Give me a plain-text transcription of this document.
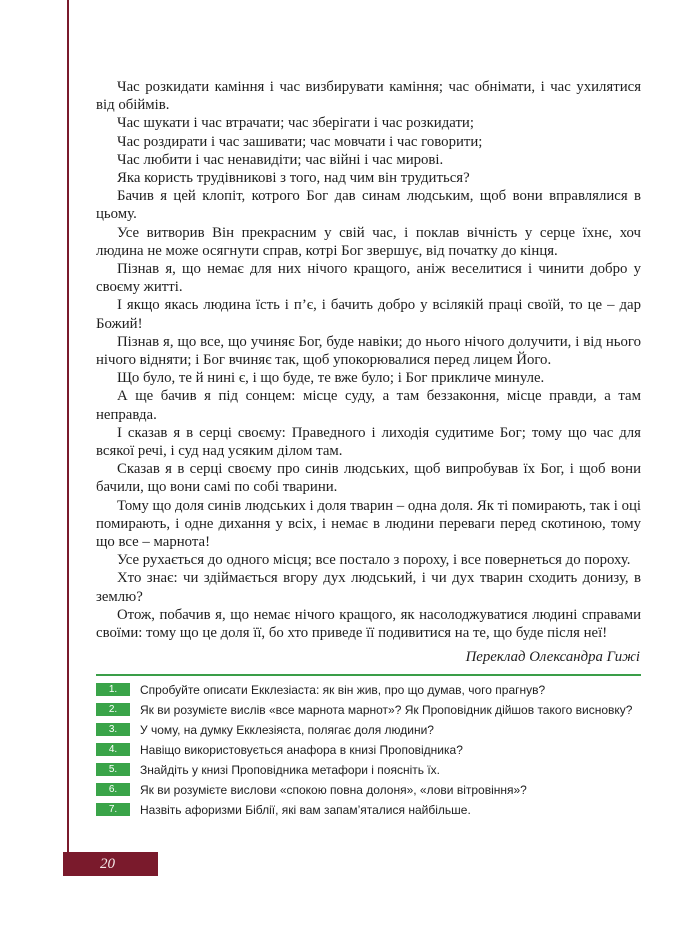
Час розкидати каміння і час визбирувати каміння; час обнімати, і час ухилятися від обіймів.

Час шукати і час втрачати; час зберігати і час розкидати;

Час роздирати і час зашивати; час мовчати і час говорити;

Час любити і час ненавидіти; час війні і час мирові.

Яка користь трудівникові з того, над чим він трудиться?

Бачив я цей клопіт, котрого Бог дав синам людським, щоб вони вправлялися в цьому.

Усе витворив Він прекрасним у свій час, і поклав вічність у серце їхнє, хоч людина не може осягнути справ, котрі Бог звершує, від початку до кінця.

Пізнав я, що немає для них нічого кращого, аніж веселитися і чинити добро у своєму житті.

І якщо якась людина їсть і п’є, і бачить добро у всілякій праці своїй, то це – дар Божий!

Пізнав я, що все, що учиняє Бог, буде навіки; до нього нічого долучити, і від нього нічого відняти; і Бог вчиняє так, щоб упокорювалися перед лицем Його.

Що було, те й нині є, і що буде, те вже було; і Бог прикличе минуле.

А ще бачив я під сонцем: місце суду, а там беззаконня, місце правди, а там неправда.

І сказав я в серці своєму: Праведного і лиходія судитиме Бог; тому що час для всякої речі, і суд над усяким ділом там.

Сказав я в серці своєму про синів людських, щоб випробував їх Бог, і щоб вони бачили, що вони самі по собі тварини.

Тому що доля синів людських і доля тварин – одна доля. Як ті помирають, так і оці помирають, і одне дихання у всіх, і немає в людини переваги перед скотиною, тому що все – марнота!

Усе рухається до одного місця; все постало з пороху, і все повернеться до пороху.

Хто знає: чи здіймається вгору дух людський, і чи дух тварин сходить донизу, в землю?

Отож, побачив я, що немає нічого кращого, як насолоджуватися людині справами своїми: тому що це доля її, бо хто приведе її подивитися на те, що буде після неї!

Переклад Олександра Гижі
1.	Спробуйте описати Екклезіаста: як він жив, про що думав, чого прагнув?
2.	Як ви розумієте вислів «все марнота марнот»? Як Проповідник дійшов такого висновку?
3.	У чому, на думку Екклезіяста, полягає доля людини?
4.	Навіщо використовується анафора в книзі Проповідника?
5.	Знайдіть у книзі Проповідника метафори і поясніть їх.
6.	Як ви розумієте вислови «спокою повна долоня», «лови вітровіння»?
7.	Назвіть афоризми Біблії, які вам запам’яталися найбільше.
20
